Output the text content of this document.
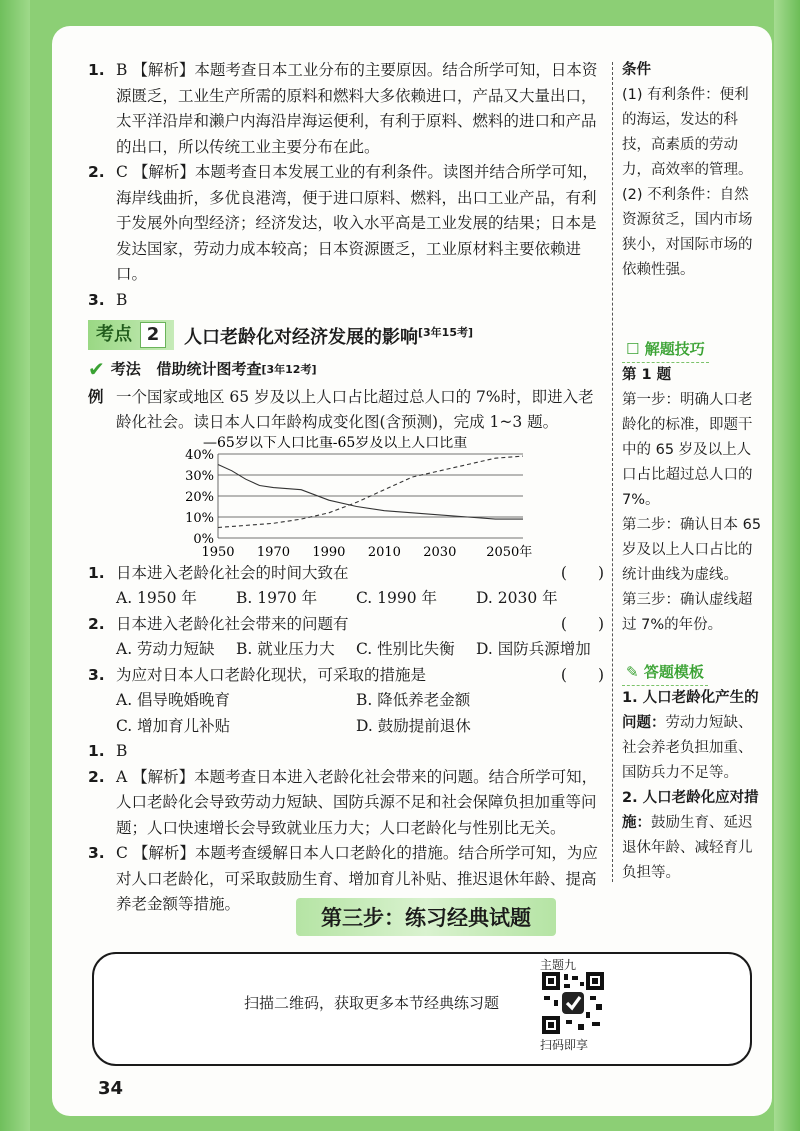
1. B 【解析】本题考查日本工业分布的主要原因。结合所学可知，日本资源匮乏，工业生产所需的原料和燃料大多依赖进口，产品又大量出口，太平洋沿岸和濑户内海沿岸海运便利，有利于原料、燃料的进口和产品的出口，所以传统工业主要分布在此。

2. C 【解析】本题考查日本发展工业的有利条件。读图并结合所学可知，海岸线曲折，多优良港湾，便于进口原料、燃料，出口工业产品，有利于发展外向型经济；经济发达，收入水平高是工业发展的结果；日本是发达国家，劳动力成本较高；日本资源匮乏，工业原材料主要依赖进口。

3. B

考点 2	人口老龄化对经济发展的影响[3年15考]
✔ 考法
借助统计图考查 [3年12考]

例 一个国家或地区 65 岁及以上人口占比超过总人口的 7%时，即进入老龄化社会。读日本人口年龄构成变化图(含预测)，完成 1~3 题。

—65岁以下人口比重
--65岁及以上人口比重
40%
30%
20%
10%
0%
1950 1970 1990 2010 2030 2050年
1. 日本进入老龄化社会的时间大致在	(　　)
A. 1950 年	B. 1970 年	C. 1990 年	D. 2030 年
2. 日本进入老龄化社会带来的问题有	(　　)
A. 劳动力短缺	B. 就业压力大	C. 性别比失衡	D. 国防兵源增加
3. 为应对日本人口老龄化现状，可采取的措施是	(　　)
A. 倡导晚婚晚育	B. 降低养老金额
C. 增加育儿补贴	D. 鼓励提前退休

1. B

2. A 【解析】本题考查日本进入老龄化社会带来的问题。结合所学可知，人口老龄化会导致劳动力短缺、国防兵源不足和社会保障负担加重等问题；人口快速增长会导致就业压力大；人口老龄化与性别比无关。

3. C 【解析】本题考查缓解日本人口老龄化的措施。结合所学可知，为应对人口老龄化，可采取鼓励生育、增加育儿补贴、推迟退休年龄、提高养老金额等措施。

条件
(1) 有利条件：便利的海运，发达的科技，高素质的劳动力，高效率的管理。
(2) 不利条件：自然资源贫乏，国内市场狭小，对国际市场的依赖性强。
☐ 解题技巧
第 1 题
第一步：明确人口老龄化的标准，即题干中的 65 岁及以上人口占比超过总人口的 7%。
第二步：确认日本 65 岁及以上人口占比的统计曲线为虚线。
第三步：确认虚线超过 7%的年份。
✎ 答题模板
1. 人口老龄化产生的问题：劳动力短缺、社会养老负担加重、国防兵力不足等。
2. 人口老龄化应对措施：鼓励生育、延迟退休年龄、减轻育儿负担等。
第三步：练习经典试题
扫描二维码，获取更多本节经典练习题
主题九
扫码即享
34
